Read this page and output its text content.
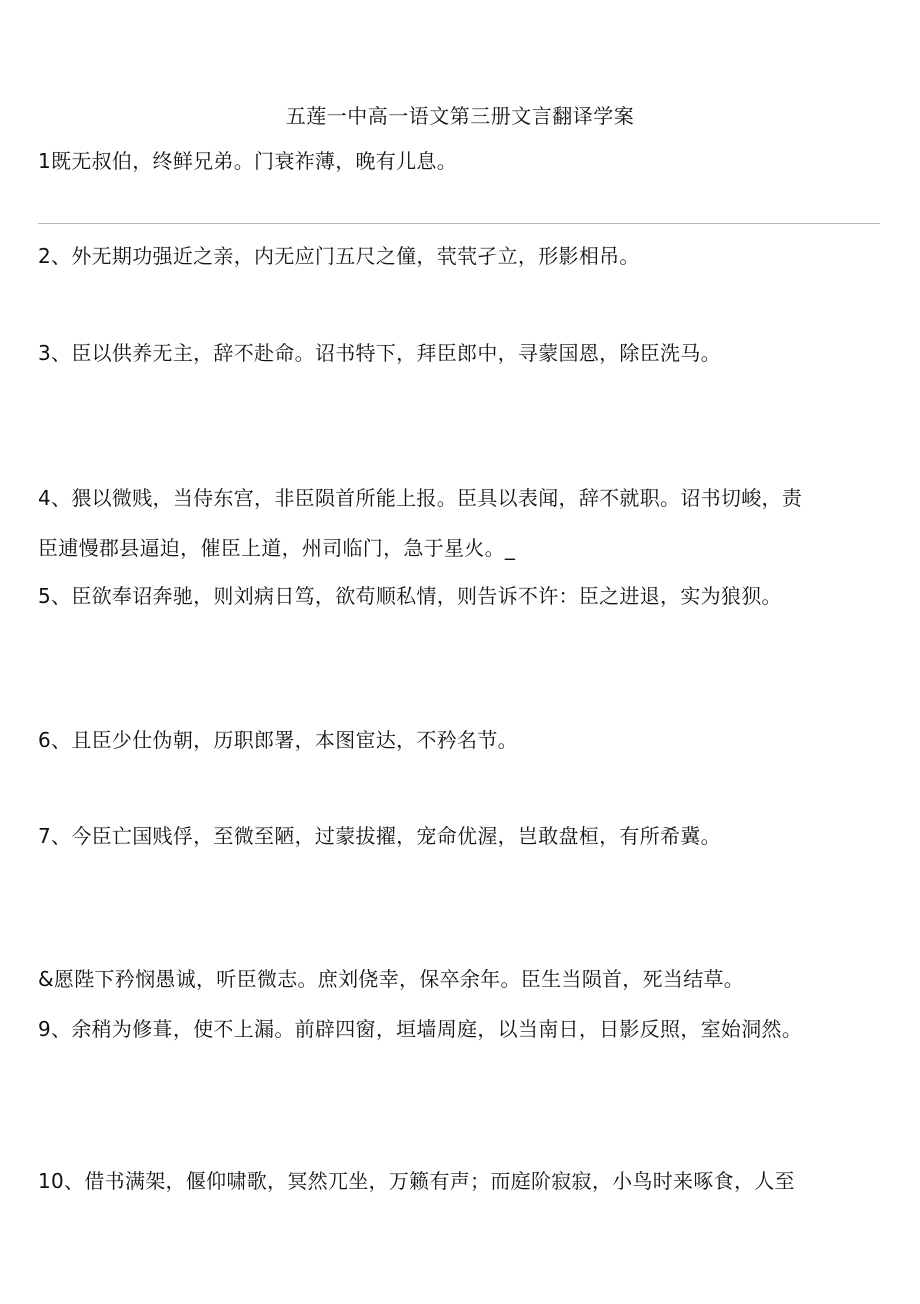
五莲一中高一语文第三册文言翻译学案
1既无叔伯，终鲜兄弟。门衰祚薄，晚有儿息。
2、外无期功强近之亲，内无应门五尺之僮，茕茕孑立，形影相吊。
3、臣以供养无主，辞不赴命。诏书特下，拜臣郎中，寻蒙国恩，除臣洗马。
4、猥以微贱，当侍东宫，非臣陨首所能上报。臣具以表闻，辞不就职。诏书切峻，责
臣逋慢郡县逼迫，催臣上道，州司临门，急于星火。_
5、臣欲奉诏奔驰，则刘病日笃，欲苟顺私情，则告诉不许：臣之进退，实为狼狈。
6、且臣少仕伪朝，历职郎署，本图宦达，不矜名节。
7、今臣亡国贱俘，至微至陋，过蒙拔擢，宠命优渥，岂敢盘桓，有所希冀。
&愿陛下矜悯愚诚，听臣微志。庶刘侥幸，保卒余年。臣生当陨首，死当结草。
9、余稍为修葺，使不上漏。前辟四窗，垣墙周庭，以当南日，日影反照，室始洞然。
10、借书满架，偃仰啸歌，冥然兀坐，万籁有声；而庭阶寂寂，小鸟时来啄食，人至
